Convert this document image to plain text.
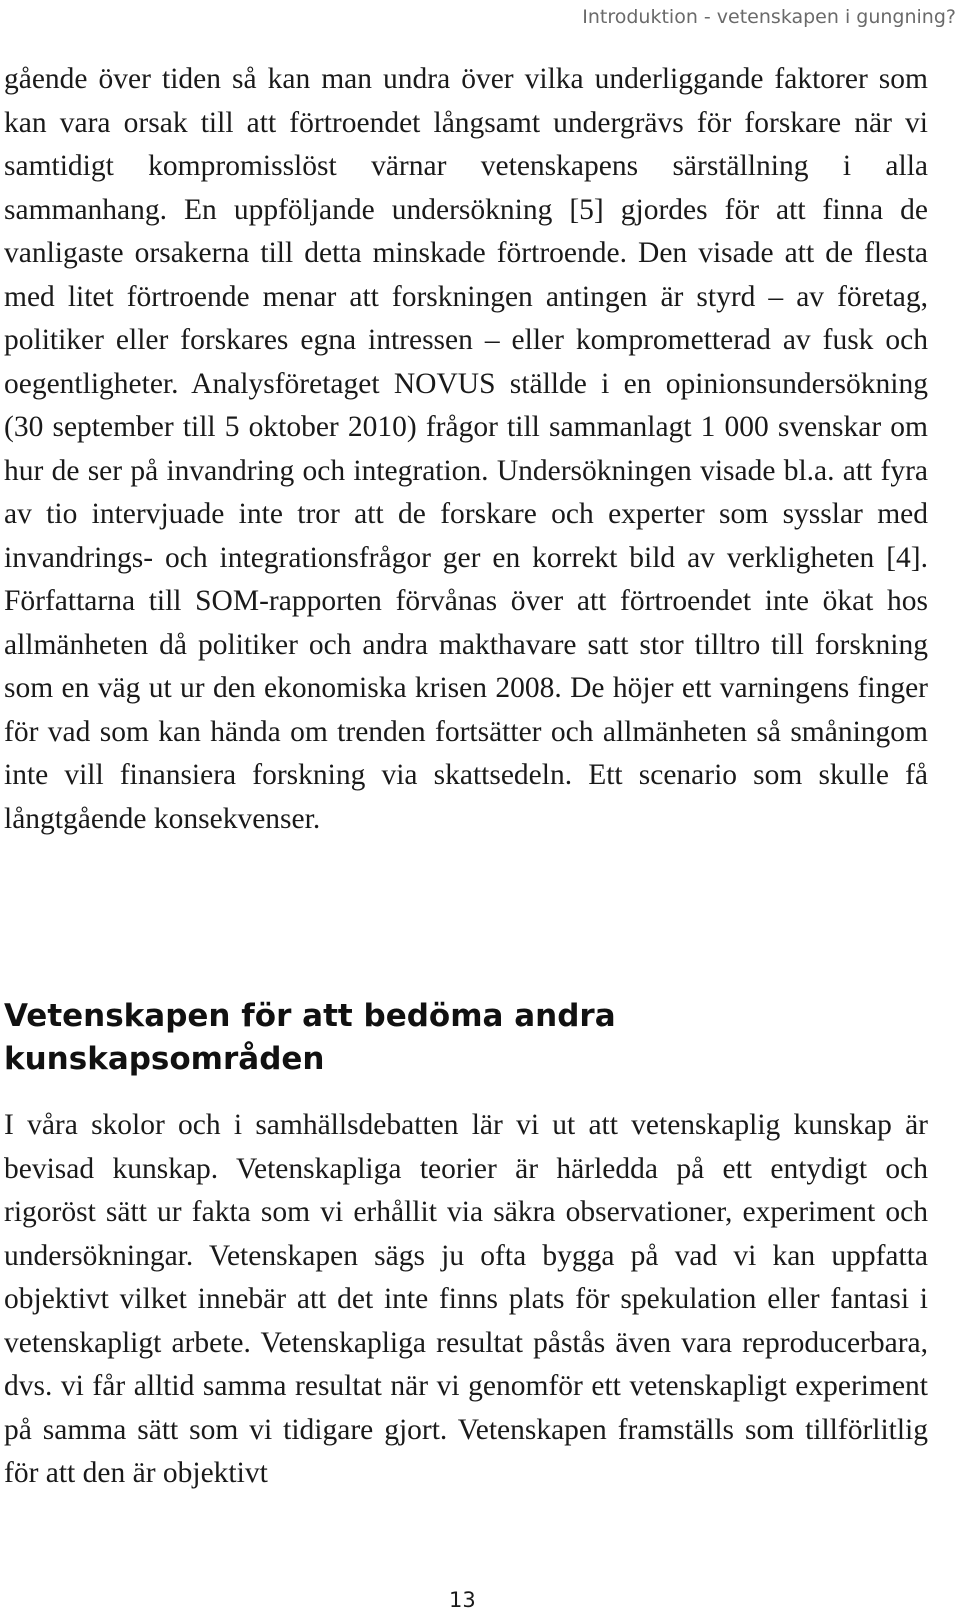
Introduktion - vetenskapen i gungning?

gående över tiden så kan man undra över vilka underliggande faktorer som kan vara orsak till att förtroendet långsamt undergrävs för forskare när vi samtidigt kompromisslöst värnar vetenskapens särställning i alla sammanhang. En uppföljande undersökning [5] gjordes för att finna de vanligaste orsakerna till detta minskade förtroende. Den visade att de flesta med litet förtroende menar att forskningen antingen är styrd – av företag, politiker eller forskares egna intressen – eller komprometterad av fusk och oegentligheter. Analysföretaget NOVUS ställde i en opinionsundersökning (30 september till 5 oktober 2010) frågor till sammanlagt 1 000 svenskar om hur de ser på invandring och integration. Undersökningen visade bl.a. att fyra av tio intervjuade inte tror att de forskare och experter som sysslar med invandrings- och integrationsfrågor ger en korrekt bild av verkligheten [4]. Författarna till SOM-rapporten förvånas över att förtroendet inte ökat hos allmänheten då politiker och andra makthavare satt stor tilltro till forskning som en väg ut ur den ekonomiska krisen 2008. De höjer ett varningens finger för vad som kan hända om trenden fortsätter och allmänheten så småningom inte vill finansiera forskning via skattsedeln. Ett scenario som skulle få långtgående konsekvenser.

Vetenskapen för att bedöma andra kunskapsområden

I våra skolor och i samhällsdebatten lär vi ut att vetenskaplig kunskap är bevisad kunskap. Vetenskapliga teorier är härledda på ett entydigt och rigoröst sätt ur fakta som vi erhållit via säkra observationer, experiment och undersökningar. Vetenskapen sägs ju ofta bygga på vad vi kan uppfatta objektivt vilket innebär att det inte finns plats för spekulation eller fantasi i vetenskapligt arbete. Vetenskapliga resultat påstås även vara reproducerbara, dvs. vi får alltid samma resultat när vi genomför ett vetenskapligt experiment på samma sätt som vi tidigare gjort. Vetenskapen framställs som tillförlitlig för att den är objektivt

13
